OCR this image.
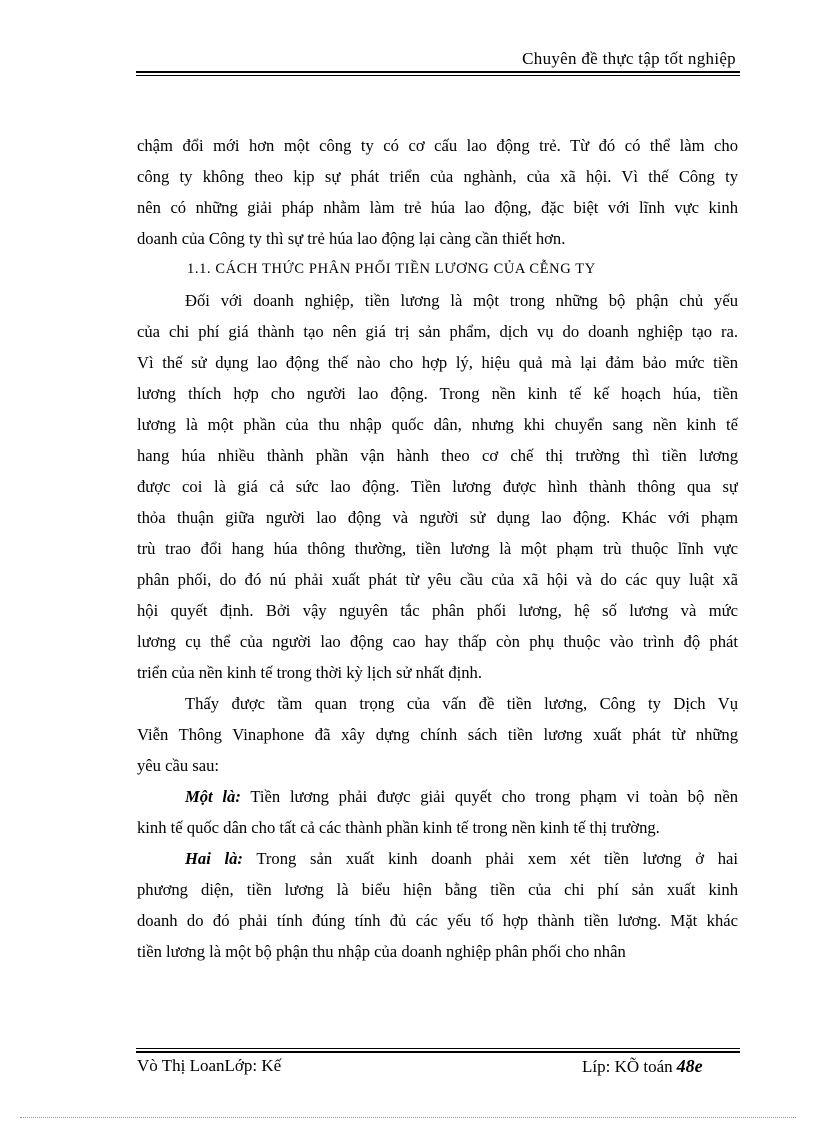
Chuyên đề thực tập tốt nghiệp
chậm đổi mới hơn một công ty có cơ cấu lao động trẻ. Từ đó có thể làm cho
công ty không theo kịp sự phát triển của nghành, của xã hội. Vì thế Công ty
nên có những giải pháp nhằm làm trẻ húa lao động, đặc biệt với lĩnh vực kinh
doanh của Công ty thì sự trẻ húa lao động lại càng cần thiết hơn.
1.1. CÁCH THỨC PHÂN PHỐI TIỀN LƯƠNG CỦA CỄNG TY
Đối với doanh nghiệp, tiền lương là một trong những bộ phận chủ yếu
của chi phí giá thành tạo nên giá trị sản phẩm, dịch vụ do doanh nghiệp tạo ra.
Vì thế sử dụng lao động thế nào cho hợp lý, hiệu quả mà lại đảm bảo mức tiền
lương thích hợp cho người lao động. Trong nền kinh tế kế hoạch húa, tiền
lương là một phần của thu nhập quốc dân, nhưng khi chuyển sang nền kinh tế
hang húa nhiều thành phần vận hành theo cơ chế thị trường thì tiền lương
được coi là giá cả sức lao động. Tiền lương được hình thành thông qua sự
thỏa thuận giữa người lao động và người sử dụng lao động. Khác với phạm
trù trao đổi hang húa thông thường, tiền lương là một phạm trù thuộc lĩnh vực
phân phối, do đó nú phải xuất phát từ yêu cầu của xã hội và do các quy luật xã
hội quyết định. Bởi vậy nguyên tắc phân phối lương, hệ số lương và mức
lương cụ thể của người lao động cao hay thấp còn phụ thuộc vào trình độ phát
triển của nền kinh tế trong thời kỳ lịch sử nhất định.
Thấy được tầm quan trọng của vấn đề tiền lương, Công ty Dịch Vụ
Viễn Thông Vinaphone đã xây dựng chính sách tiền lương xuất phát từ những
yêu cầu sau:
Một là: Tiền lương phải được giải quyết cho trong phạm vi toàn bộ nền
kinh tế quốc dân cho tất cả các thành phần kinh tế trong nền kinh tế thị trường.
Hai là: Trong sản xuất kinh doanh phải xem xét tiền lương ở hai
phương diện, tiền lương là biểu hiện bằng tiền của chi phí sản xuất kinh
doanh do đó phải tính đúng tính đủ các yếu tố hợp thành tiền lương. Mặt khác
tiền lương là một bộ phận thu nhập của doanh nghiệp phân phối cho nhân
Vò Thị LoanLớp: Kế	Líp: KÕ toán 48e
